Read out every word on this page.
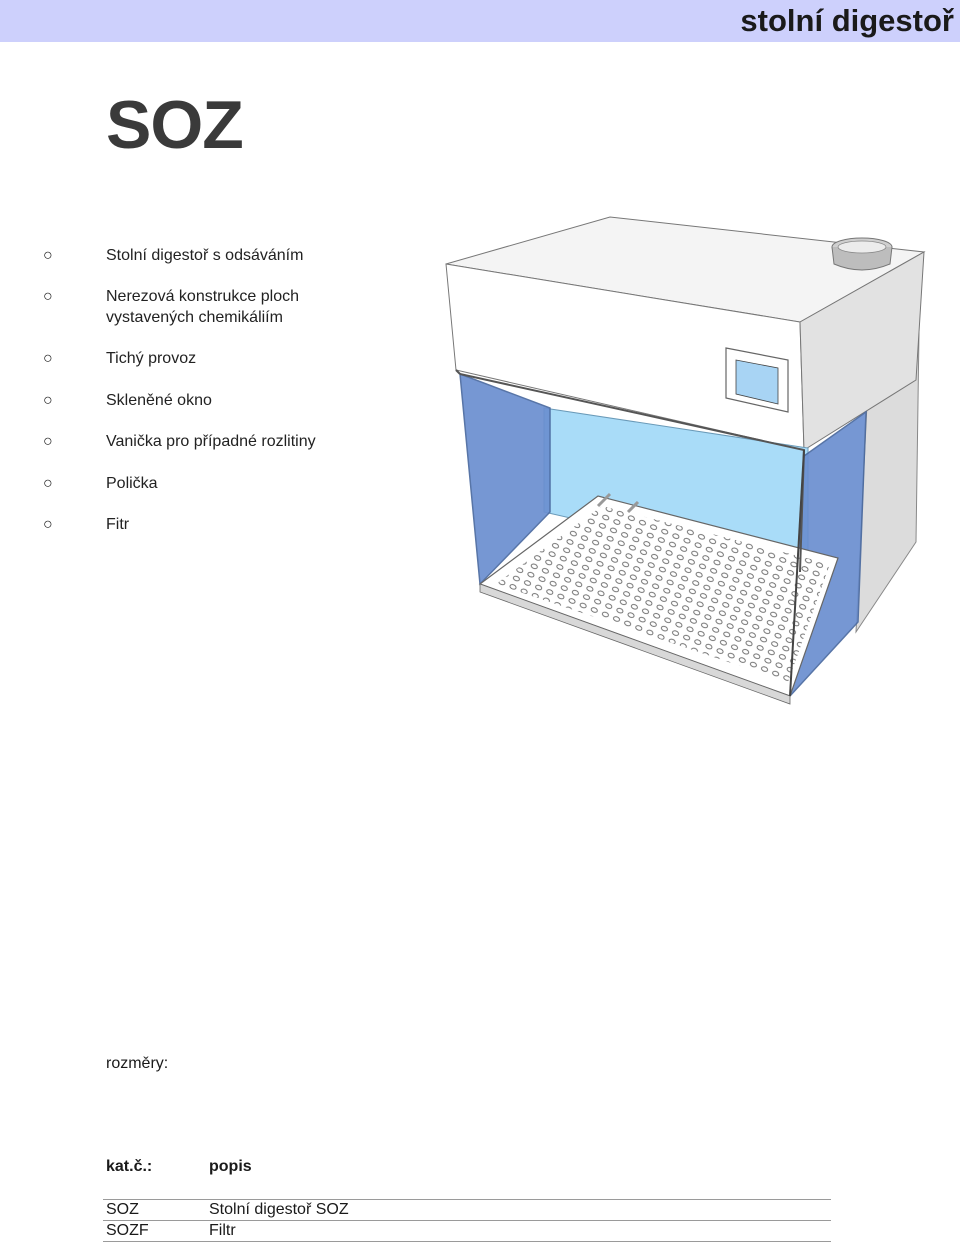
stolní digestoř
SOZ
○	Stolní digestoř s odsáváním
○	Nerezová konstrukce ploch vystavených chemikáliím
○	Tichý provoz
○	Skleněné okno
○	Vanička pro případné rozlitiny
○	Polička
○	Fitr
rozměry:
kat.č.:	popis
SOZ	Stolní digestoř SOZ
SOZF	Filtr
